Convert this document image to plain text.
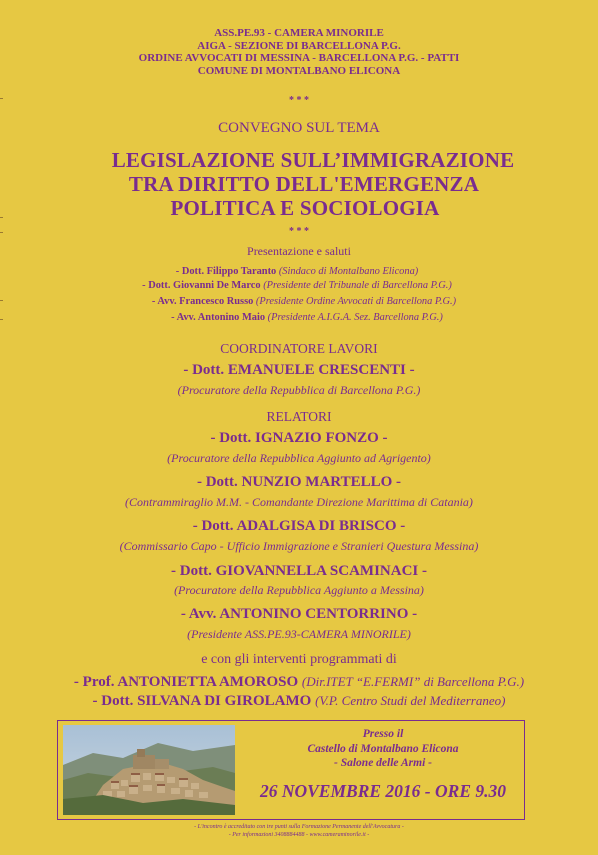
ASS.PE.93 - CAMERA MINORILE
AIGA - SEZIONE DI BARCELLONA P.G.
ORDINE AVVOCATI DI MESSINA - BARCELLONA P.G. - PATTI
COMUNE DI MONTALBANO ELICONA
* * *
CONVEGNO SUL TEMA
LEGISLAZIONE SULL’IMMIGRAZIONE
TRA DIRITTO DELL'EMERGENZA
POLITICA E SOCIOLOGIA
* * *
Presentazione e saluti
- Dott. Filippo Taranto (Sindaco di Montalbano Elicona)
- Dott. Giovanni De Marco (Presidente del Tribunale di Barcellona P.G.)
- Avv. Francesco Russo (Presidente Ordine Avvocati di Barcellona P.G.)
- Avv. Antonino Maio (Presidente A.I.G.A. Sez. Barcellona P.G.)
COORDINATORE LAVORI
- Dott. EMANUELE CRESCENTI -
(Procuratore della Repubblica di Barcellona P.G.)
RELATORI
- Dott. IGNAZIO FONZO -
(Procuratore della Repubblica Aggiunto ad Agrigento)
- Dott. NUNZIO MARTELLO -
(Contrammiraglio M.M. - Comandante Direzione Marittima di Catania)
- Dott. ADALGISA DI BRISCO -
(Commissario Capo - Ufficio Immigrazione e Stranieri Questura Messina)
- Dott. GIOVANNELLA SCAMINACI -
(Procuratore della Repubblica Aggiunto a Messina)
- Avv. ANTONINO CENTORRINO -
(Presidente ASS.PE.93-CAMERA MINORILE)
e con gli interventi programmati di
- Prof. ANTONIETTA AMOROSO (Dir.ITET “E.FERMI” di Barcellona P.G.)
- Dott. SILVANA DI GIROLAMO (V.P. Centro Studi del Mediterraneo)
Presso il
Castello di Montalbano Elicona
- Salone delle Armi -
26 NOVEMBRE 2016 - ORE 9.30
- L'incontro è accreditato con tre punti sulla Formazione Permanente dell'Avvocatura -
- Per informazioni 3408884488 - www.cameraminorile.it -
